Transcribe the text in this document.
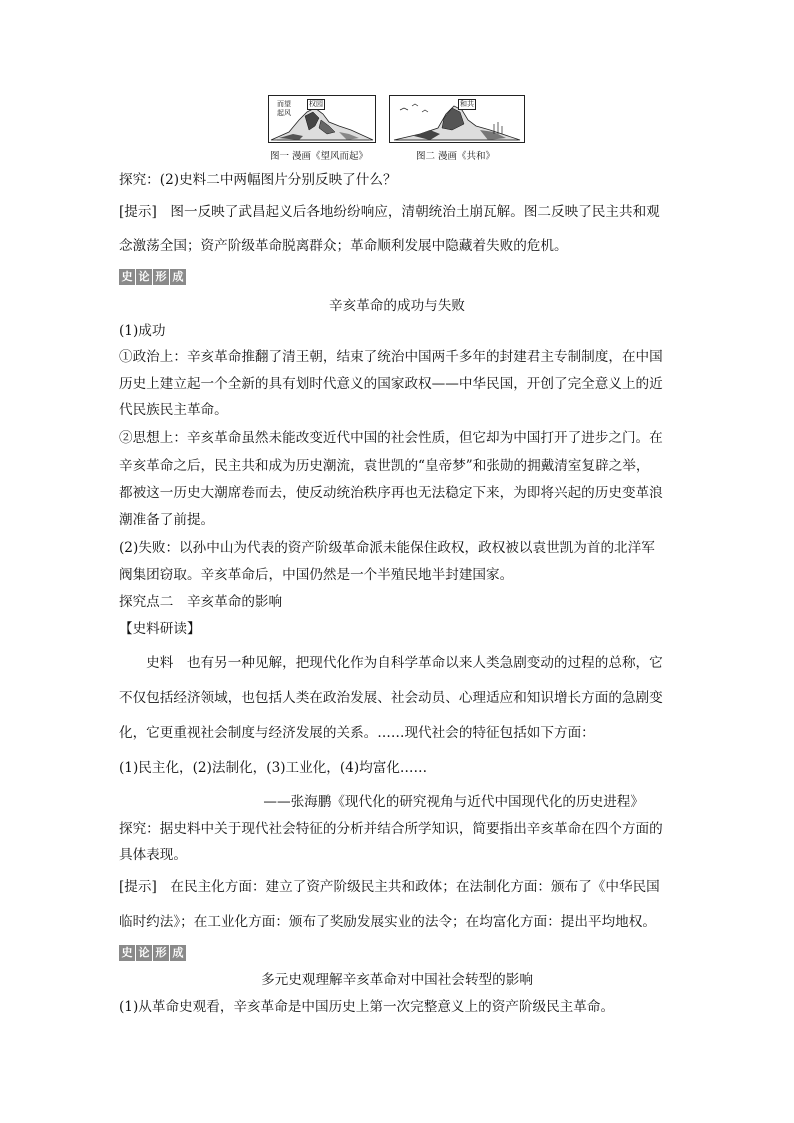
权园
而望起风
和共
图一 漫画《望风而起》	图二 漫画《共和》
探究：(2)史料二中两幅图片分别反映了什么？
[提示]　图一反映了武昌起义后各地纷纷响应，清朝统治土崩瓦解。图二反映了民主共和观
念激荡全国；资产阶级革命脱离群众；革命顺利发展中隐藏着失败的危机。
史 论 形 成
辛亥革命的成功与失败
(1)成功
①政治上：辛亥革命推翻了清王朝，结束了统治中国两千多年的封建君主专制制度，在中国
历史上建立起一个全新的具有划时代意义的国家政权——中华民国，开创了完全意义上的近
代民族民主革命。
②思想上：辛亥革命虽然未能改变近代中国的社会性质，但它却为中国打开了进步之门。在
辛亥革命之后，民主共和成为历史潮流，袁世凯的“皇帝梦”和张勋的拥戴清室复辟之举，
都被这一历史大潮席卷而去，使反动统治秩序再也无法稳定下来，为即将兴起的历史变革浪
潮准备了前提。
(2)失败：以孙中山为代表的资产阶级革命派未能保住政权，政权被以袁世凯为首的北洋军
阀集团窃取。辛亥革命后，中国仍然是一个半殖民地半封建国家。
探究点二　辛亥革命的影响
【史料研读】
　　史料　也有另一种见解，把现代化作为自科学革命以来人类急剧变动的过程的总称，它
不仅包括经济领域，也包括人类在政治发展、社会动员、心理适应和知识增长方面的急剧变
化，它更重视社会制度与经济发展的关系。……现代社会的特征包括如下方面：
(1)民主化，(2)法制化，(3)工业化，(4)均富化……
——张海鹏《现代化的研究视角与近代中国现代化的历史进程》
探究：据史料中关于现代社会特征的分析并结合所学知识，简要指出辛亥革命在四个方面的
具体表现。
[提示]　在民主化方面：建立了资产阶级民主共和政体；在法制化方面：颁布了《中华民国
临时约法》；在工业化方面：颁布了奖励发展实业的法令；在均富化方面：提出平均地权。
史 论 形 成
多元史观理解辛亥革命对中国社会转型的影响
(1)从革命史观看，辛亥革命是中国历史上第一次完整意义上的资产阶级民主革命。
